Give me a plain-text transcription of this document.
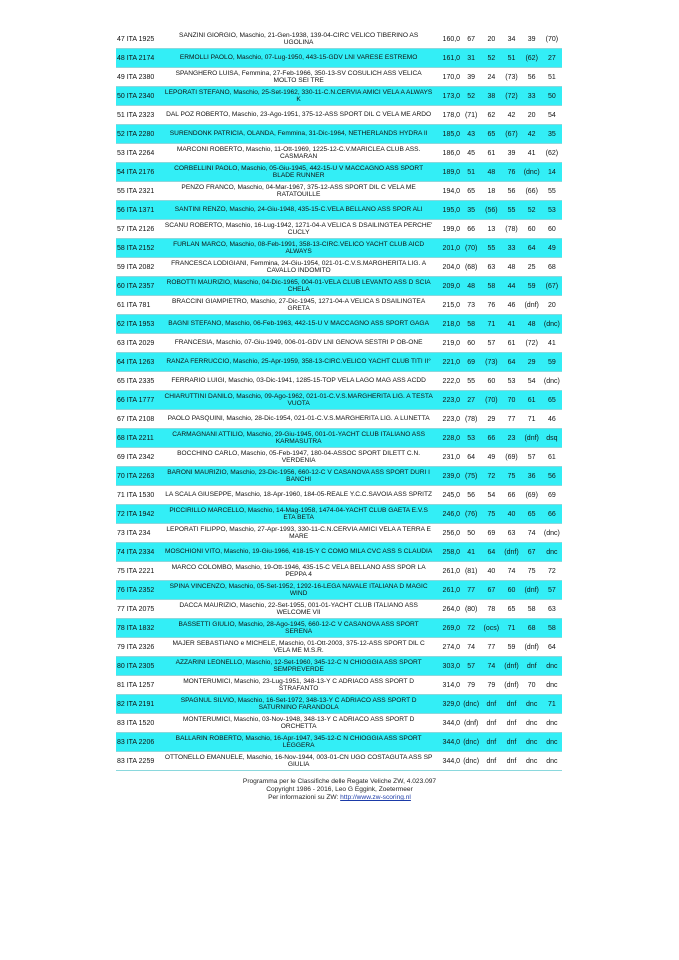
47 ITA 1925	SANZINI GIORGIO, Maschio, 21-Gen-1938, 139-04-CIRC VELICO TIBERINO AS UGOLINA	160,0	67	20	34	39	(70)
48 ITA 2174	ERMOLLI PAOLO, Maschio, 07-Lug-1950, 443-15-GDV LNI VARESE ESTREMO	161,0	31	52	51	(62)	27
49 ITA 2380	SPANGHERO LUISA, Femmina, 27-Feb-1966, 350-13-SV COSULICH ASS VELICA MOLTO SEI TRE	170,0	39	24	(73)	56	51
50 ITA 2340	LEPORATI STEFANO, Maschio, 25-Set-1962, 330-11-C.N.CERVIA AMICI VELA A ALWAYS K	173,0	52	38	(72)	33	50
51 ITA 2323	DAL POZ ROBERTO, Maschio, 23-Ago-1951, 375-12-ASS SPORT DIL C VELA ME ARDO	178,0	(71)	62	42	20	54
52 ITA 2280	SURENDONK PATRICIA, OLANDA, Femmina, 31-Dic-1964, NETHERLANDS HYDRA II	185,0	43	65	(67)	42	35
53 ITA 2264	MARCONI ROBERTO, Maschio, 11-Ott-1969, 1225-12-C.V.MARICLEA CLUB ASS. CASMARAN	186,0	45	61	39	41	(62)
54 ITA 2176	CORBELLINI PAOLO, Maschio, 05-Giu-1945, 442-15-U V MACCAGNO ASS SPORT BLADE RUNNER	189,0	51	48	76	(dnc)	14
55 ITA 2321	PENZO FRANCO, Maschio, 04-Mar-1967, 375-12-ASS SPORT DIL C VELA ME RATATOUILLE	194,0	65	18	56	(66)	55
56 ITA 1371	SANTINI RENZO, Maschio, 24-Giu-1948, 435-15-C.VELA BELLANO ASS SPOR ALI	195,0	35	(56)	55	52	53
57 ITA 2126	SCANU ROBERTO, Maschio, 16-Lug-1942, 1271-04-A VELICA S DSAILINGTEA PERCHE' CUCLY	199,0	66	13	(78)	60	60
58 ITA 2152	FURLAN MARCO, Maschio, 08-Feb-1991, 358-13-CIRC.VELICO YACHT CLUB AICD ALWAYS	201,0	(70)	55	33	64	49
59 ITA 2082	FRANCESCA LODIGIANI, Femmina, 24-Giu-1954, 021-01-C.V.S.MARGHERITA LIG. A CAVALLO INDOMITO	204,0	(68)	63	48	25	68
60 ITA 2357	ROBOTTI MAURIZIO, Maschio, 04-Dic-1965, 004-01-VELA CLUB LEVANTO ASS D SCIA CHELA	209,0	48	58	44	59	(67)
61 ITA 781	BRACCINI GIAMPIETRO, Maschio, 27-Dic-1945, 1271-04-A VELICA S DSAILINGTEA GRETA	215,0	73	76	46	(dnf)	20
62 ITA 1953	BAGNI STEFANO, Maschio, 06-Feb-1963, 442-15-U V MACCAGNO ASS SPORT GAGA	218,0	58	71	41	48	(dnc)
63 ITA 2029	FRANCESIA, Maschio, 07-Giu-1949, 006-01-GDV LNI GENOVA SESTRI P OB-ONE	219,0	60	57	61	(72)	41
64 ITA 1263	RANZA FERRUCCIO, Maschio, 25-Apr-1959, 358-13-CIRC.VELICO YACHT CLUB TITI II°	221,0	69	(73)	64	29	59
65 ITA 2335	FERRARIO LUIGI, Maschio, 03-Dic-1941, 1285-15-TOP VELA LAGO MAG ASS ACDD	222,0	55	60	53	54	(dnc)
66 ITA 1777	CHIARUTTINI DANILO, Maschio, 09-Ago-1962, 021-01-C.V.S.MARGHERITA LIG. A TESTA VUOTA	223,0	27	(70)	70	61	65
67 ITA 2108	PAOLO PASQUINI, Maschio, 28-Dic-1954, 021-01-C.V.S.MARGHERITA LIG. A LUNETTA	223,0	(78)	29	77	71	46
68 ITA 2211	CARMAGNANI ATTILIO, Maschio, 29-Giu-1945, 001-01-YACHT CLUB ITALIANO ASS KARMASUTRA	228,0	53	66	23	(dnf)	dsq
69 ITA 2342	BOCCHINO CARLO, Maschio, 05-Feb-1947, 180-04-ASSOC SPORT DILETT C.N. VERDENIA	231,0	64	49	(69)	57	61
70 ITA 2263	BARONI MAURIZIO, Maschio, 23-Dic-1956, 660-12-C V CASANOVA ASS SPORT DURI I BANCHI	239,0	(75)	72	75	36	56
71 ITA 1530	LA SCALA GIUSEPPE, Maschio, 18-Apr-1960, 184-05-REALE Y.C.C.SAVOIA ASS SPRITZ	245,0	56	54	66	(69)	69
72 ITA 1942	PICCIRILLO MARCELLO, Maschio, 14-Mag-1958, 1474-04-YACHT CLUB GAETA E.V.S ETA BETA	246,0	(76)	75	40	65	66
73 ITA 234	LEPORATI FILIPPO, Maschio, 27-Apr-1993, 330-11-C.N.CERVIA AMICI VELA A TERRA E MARE	256,0	50	69	63	74	(dnc)
74 ITA 2334	MOSCHIONI VITO, Maschio, 19-Giu-1966, 418-15-Y C COMO MILA CVC ASS S CLAUDIA	258,0	41	64	(dnf)	67	dnc
75 ITA 2221	MARCO COLOMBO, Maschio, 19-Ott-1946, 435-15-C VELA BELLANO ASS SPOR LA PEPPA 4	261,0	(81)	40	74	75	72
76 ITA 2352	SPINA VINCENZO, Maschio, 05-Set-1952, 1292-16-LEGA NAVALE ITALIANA D MAGIC WIND	261,0	77	67	60	(dnf)	57
77 ITA 2075	DACCA MAURIZIO, Maschio, 22-Set-1955, 001-01-YACHT CLUB ITALIANO ASS WELCOME VII	264,0	(80)	78	65	58	63
78 ITA 1832	BASSETTI GIULIO, Maschio, 28-Ago-1945, 660-12-C V CASANOVA ASS SPORT SERENA	269,0	72	(ocs)	71	68	58
79 ITA 2326	MAJER SEBASTIANO e MICHELE, Maschio, 01-Ott-2003, 375-12-ASS SPORT DIL C VELA ME M.S.R.	274,0	74	77	59	(dnf)	64
80 ITA 2305	AZZARINI LEONELLO, Maschio, 12-Set-1960, 345-12-C N CHIOGGIA ASS SPORT SEMPREVERDE	303,0	57	74	(dnf)	dnf	dnc
81 ITA 1257	MONTERUMICI, Maschio, 23-Lug-1951, 348-13-Y C ADRIACO ASS SPORT D STRAFANTO	314,0	79	79	(dnf)	70	dnc
82 ITA 2191	SPAGNUL SILVIO, Maschio, 16-Set-1972, 348-13-Y C ADRIACO ASS SPORT D SATURNINO FARANDOLA	329,0	(dnc)	dnf	dnf	dnc	71
83 ITA 1520	MONTERUMICI, Maschio, 03-Nov-1948, 348-13-Y C ADRIACO ASS SPORT D ORCHETTA	344,0	(dnf)	dnf	dnf	dnc	dnc
83 ITA 2206	BALLARIN ROBERTO, Maschio, 16-Apr-1947, 345-12-C N CHIOGGIA ASS SPORT LEGGERA	344,0	(dnc)	dnf	dnf	dnc	dnc
83 ITA 2259	OTTONELLO EMANUELE, Maschio, 16-Nov-1944, 003-01-CN UGO COSTAGUTA ASS SP GIULIA	344,0	(dnc)	dnf	dnf	dnc	dnc
Programma per le Classifiche delle Regate Veliche ZW, 4.023.097
Copyright 1986 - 2016, Leo G Eggink, Zoetermeer
Per informazioni su ZW: http://www.zw-scoring.nl
